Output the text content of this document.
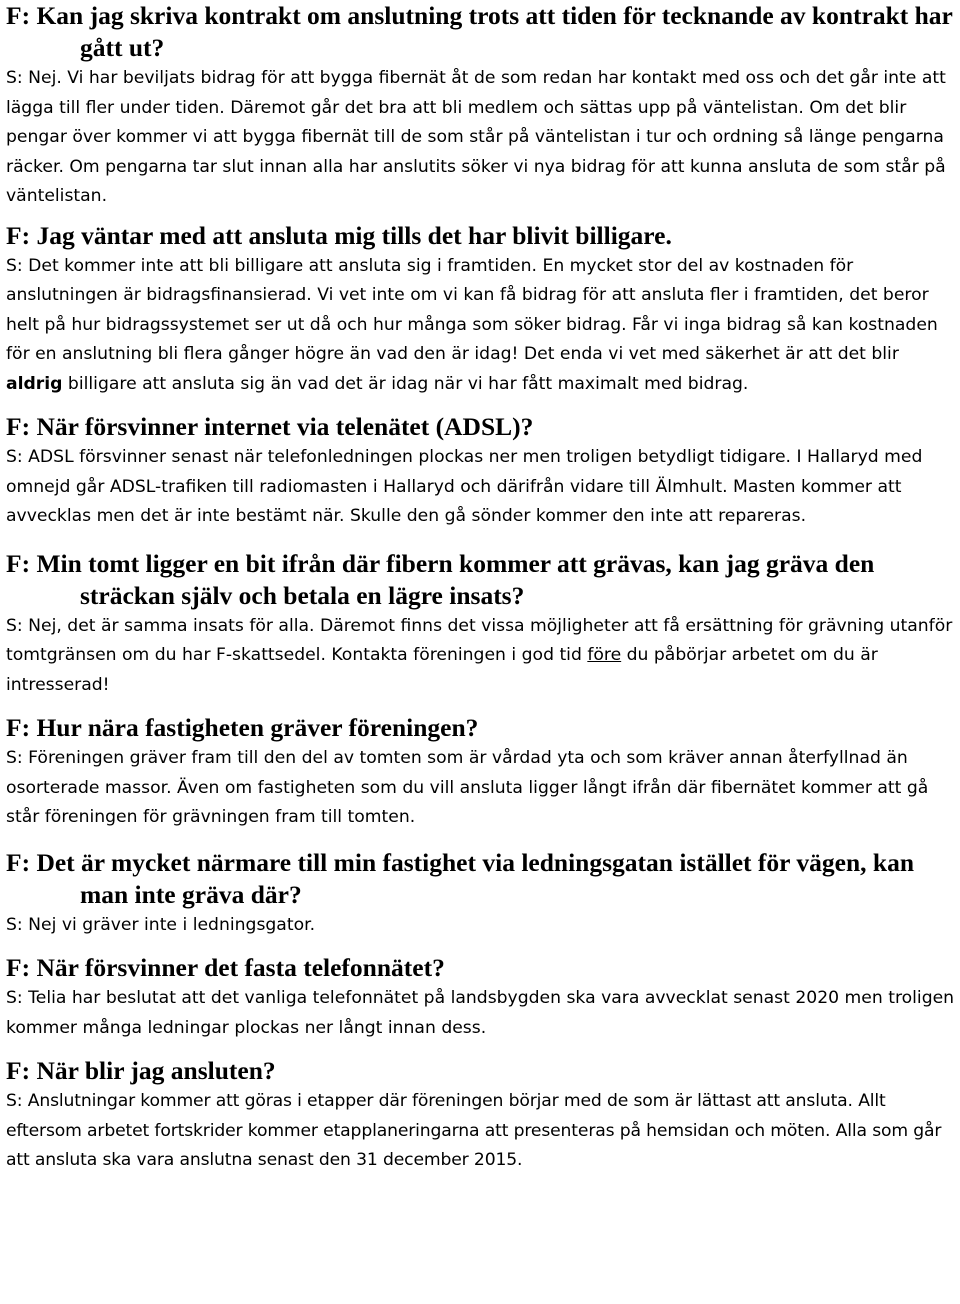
F: Kan jag skriva kontrakt om anslutning trots att tiden för tecknande av kontrakt har gått ut?

S: Nej. Vi har beviljats bidrag för att bygga fibernät åt de som redan har kontakt med oss och det går inte att lägga till fler under tiden. Däremot går det bra att bli medlem och sättas upp på väntelistan. Om det blir pengar över kommer vi att bygga fibernät till de som står på väntelistan i tur och ordning så länge pengarna räcker. Om pengarna tar slut innan alla har anslutits söker vi nya bidrag för att kunna ansluta de som står på väntelistan.

F: Jag väntar med att ansluta mig tills det har blivit billigare.

S: Det kommer inte att bli billigare att ansluta sig i framtiden. En mycket stor del av kostnaden för anslutningen är bidragsfinansierad. Vi vet inte om vi kan få bidrag för att ansluta fler i framtiden, det beror helt på hur bidragssystemet ser ut då och hur många som söker bidrag. Får vi inga bidrag så kan kostnaden för en anslutning bli flera gånger högre än vad den är idag! Det enda vi vet med säkerhet är att det blir aldrig billigare att ansluta sig än vad det är idag när vi har fått maximalt med bidrag.

F: När försvinner internet via telenätet (ADSL)?

S: ADSL försvinner senast när telefonledningen plockas ner men troligen betydligt tidigare. I Hallaryd med omnejd går ADSL-trafiken till radiomasten i Hallaryd och därifrån vidare till Älmhult. Masten kommer att avvecklas men det är inte bestämt när. Skulle den gå sönder kommer den inte att repareras.

F: Min tomt ligger en bit ifrån där fibern kommer att grävas, kan jag gräva den sträckan själv och betala en lägre insats?

S: Nej, det är samma insats för alla. Däremot finns det vissa möjligheter att få ersättning för grävning utanför tomtgränsen om du har F-skattsedel. Kontakta föreningen i god tid före du påbörjar arbetet om du är intresserad!

F: Hur nära fastigheten gräver föreningen?

S: Föreningen gräver fram till den del av tomten som är vårdad yta och som kräver annan återfyllnad än osorterade massor. Även om fastigheten som du vill ansluta ligger långt ifrån där fibernätet kommer att gå står föreningen för grävningen fram till tomten.

F: Det är mycket närmare till min fastighet via ledningsgatan istället för vägen, kan man inte gräva där?

S: Nej vi gräver inte i ledningsgator.

F: När försvinner det fasta telefonnätet?

S: Telia har beslutat att det vanliga telefonnätet på landsbygden ska vara avvecklat senast 2020 men troligen kommer många ledningar plockas ner långt innan dess.

F: När blir jag ansluten?

S: Anslutningar kommer att göras i etapper där föreningen börjar med de som är lättast att ansluta. Allt eftersom arbetet fortskrider kommer etapplaneringarna att presenteras på hemsidan och möten. Alla som går att ansluta ska vara anslutna senast den 31 december 2015.
